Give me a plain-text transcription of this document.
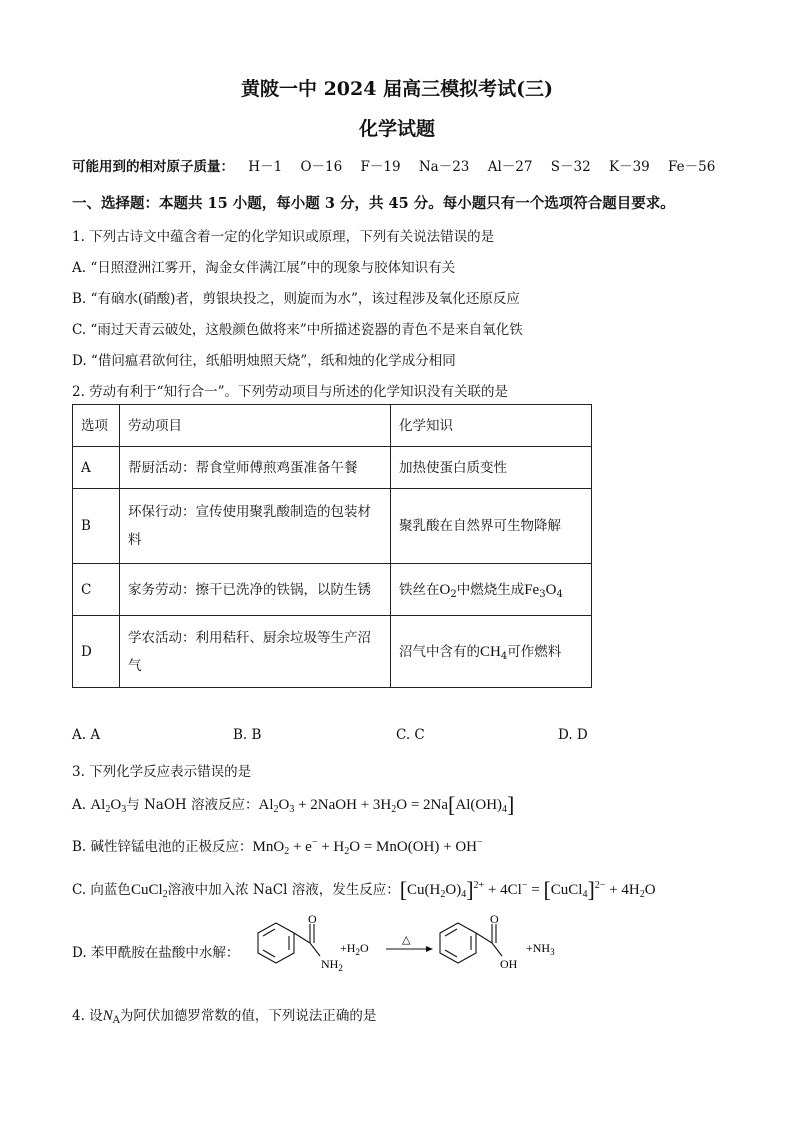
黄陂一中 2024 届高三模拟考试(三)
化学试题
可能用到的相对原子质量： H－1 O－16 F－19 Na－23 Al－27 S－32 K－39 Fe－56
一、选择题：本题共 15 小题，每小题 3 分，共 45 分。每小题只有一个选项符合题目要求。
1. 下列古诗文中蕴含着一定的化学知识或原理，下列有关说法错误的是
A. “日照澄洲江雾开，淘金女伴满江展”中的现象与胶体知识有关
B. “有硇水(硝酸)者，剪银块投之，则旋而为水”，该过程涉及氧化还原反应
C. “雨过天青云破处，这般颜色做将来”中所描述瓷器的青色不是来自氧化铁
D. “借问瘟君欲何往，纸船明烛照天烧”，纸和烛的化学成分相同
2. 劳动有利于“知行合一”。下列劳动项目与所述的化学知识没有关联的是
选项	劳动项目	化学知识
A	帮厨活动：帮食堂师傅煎鸡蛋准备午餐	加热使蛋白质变性
B	环保行动：宣传使用聚乳酸制造的包装材料	聚乳酸在自然界可生物降解
C	家务劳动：擦干已洗净的铁锅，以防生锈	铁丝在$O_2$中燃烧生成$Fe_3O_4$
D	学农活动：利用秸秆、厨余垃圾等生产沼气	沼气中含有的$CH_4$可作燃料
A. A	B. B	C. C	D. D
3. 下列化学反应表示错误的是
A. $Al_2O_3$与 NaOH 溶液反应：$Al_2O_3$ + 2NaOH + $3H_2O = 2Na[Al(OH)_4]$
B. 碱性锌锰电池的正极反应：$MnO_2 + e^- + H_2O = MnO(OH) + OH^-$
C. 向蓝色CuCl$_2$溶液中加入浓 NaCl 溶液，发生反应：$[Cu(H_2O)_4]^{2+} + 4Cl^-$ = [CuCl$_4$]$^{2-}$ + $4H_2O$
D. 苯甲酰胺在盐酸中水解：
O
$NH_2$
$+H_2O$
△
O
OH
$+NH_3$
4. 设$N_A$为阿伏加德罗常数的值，下列说法正确的是
